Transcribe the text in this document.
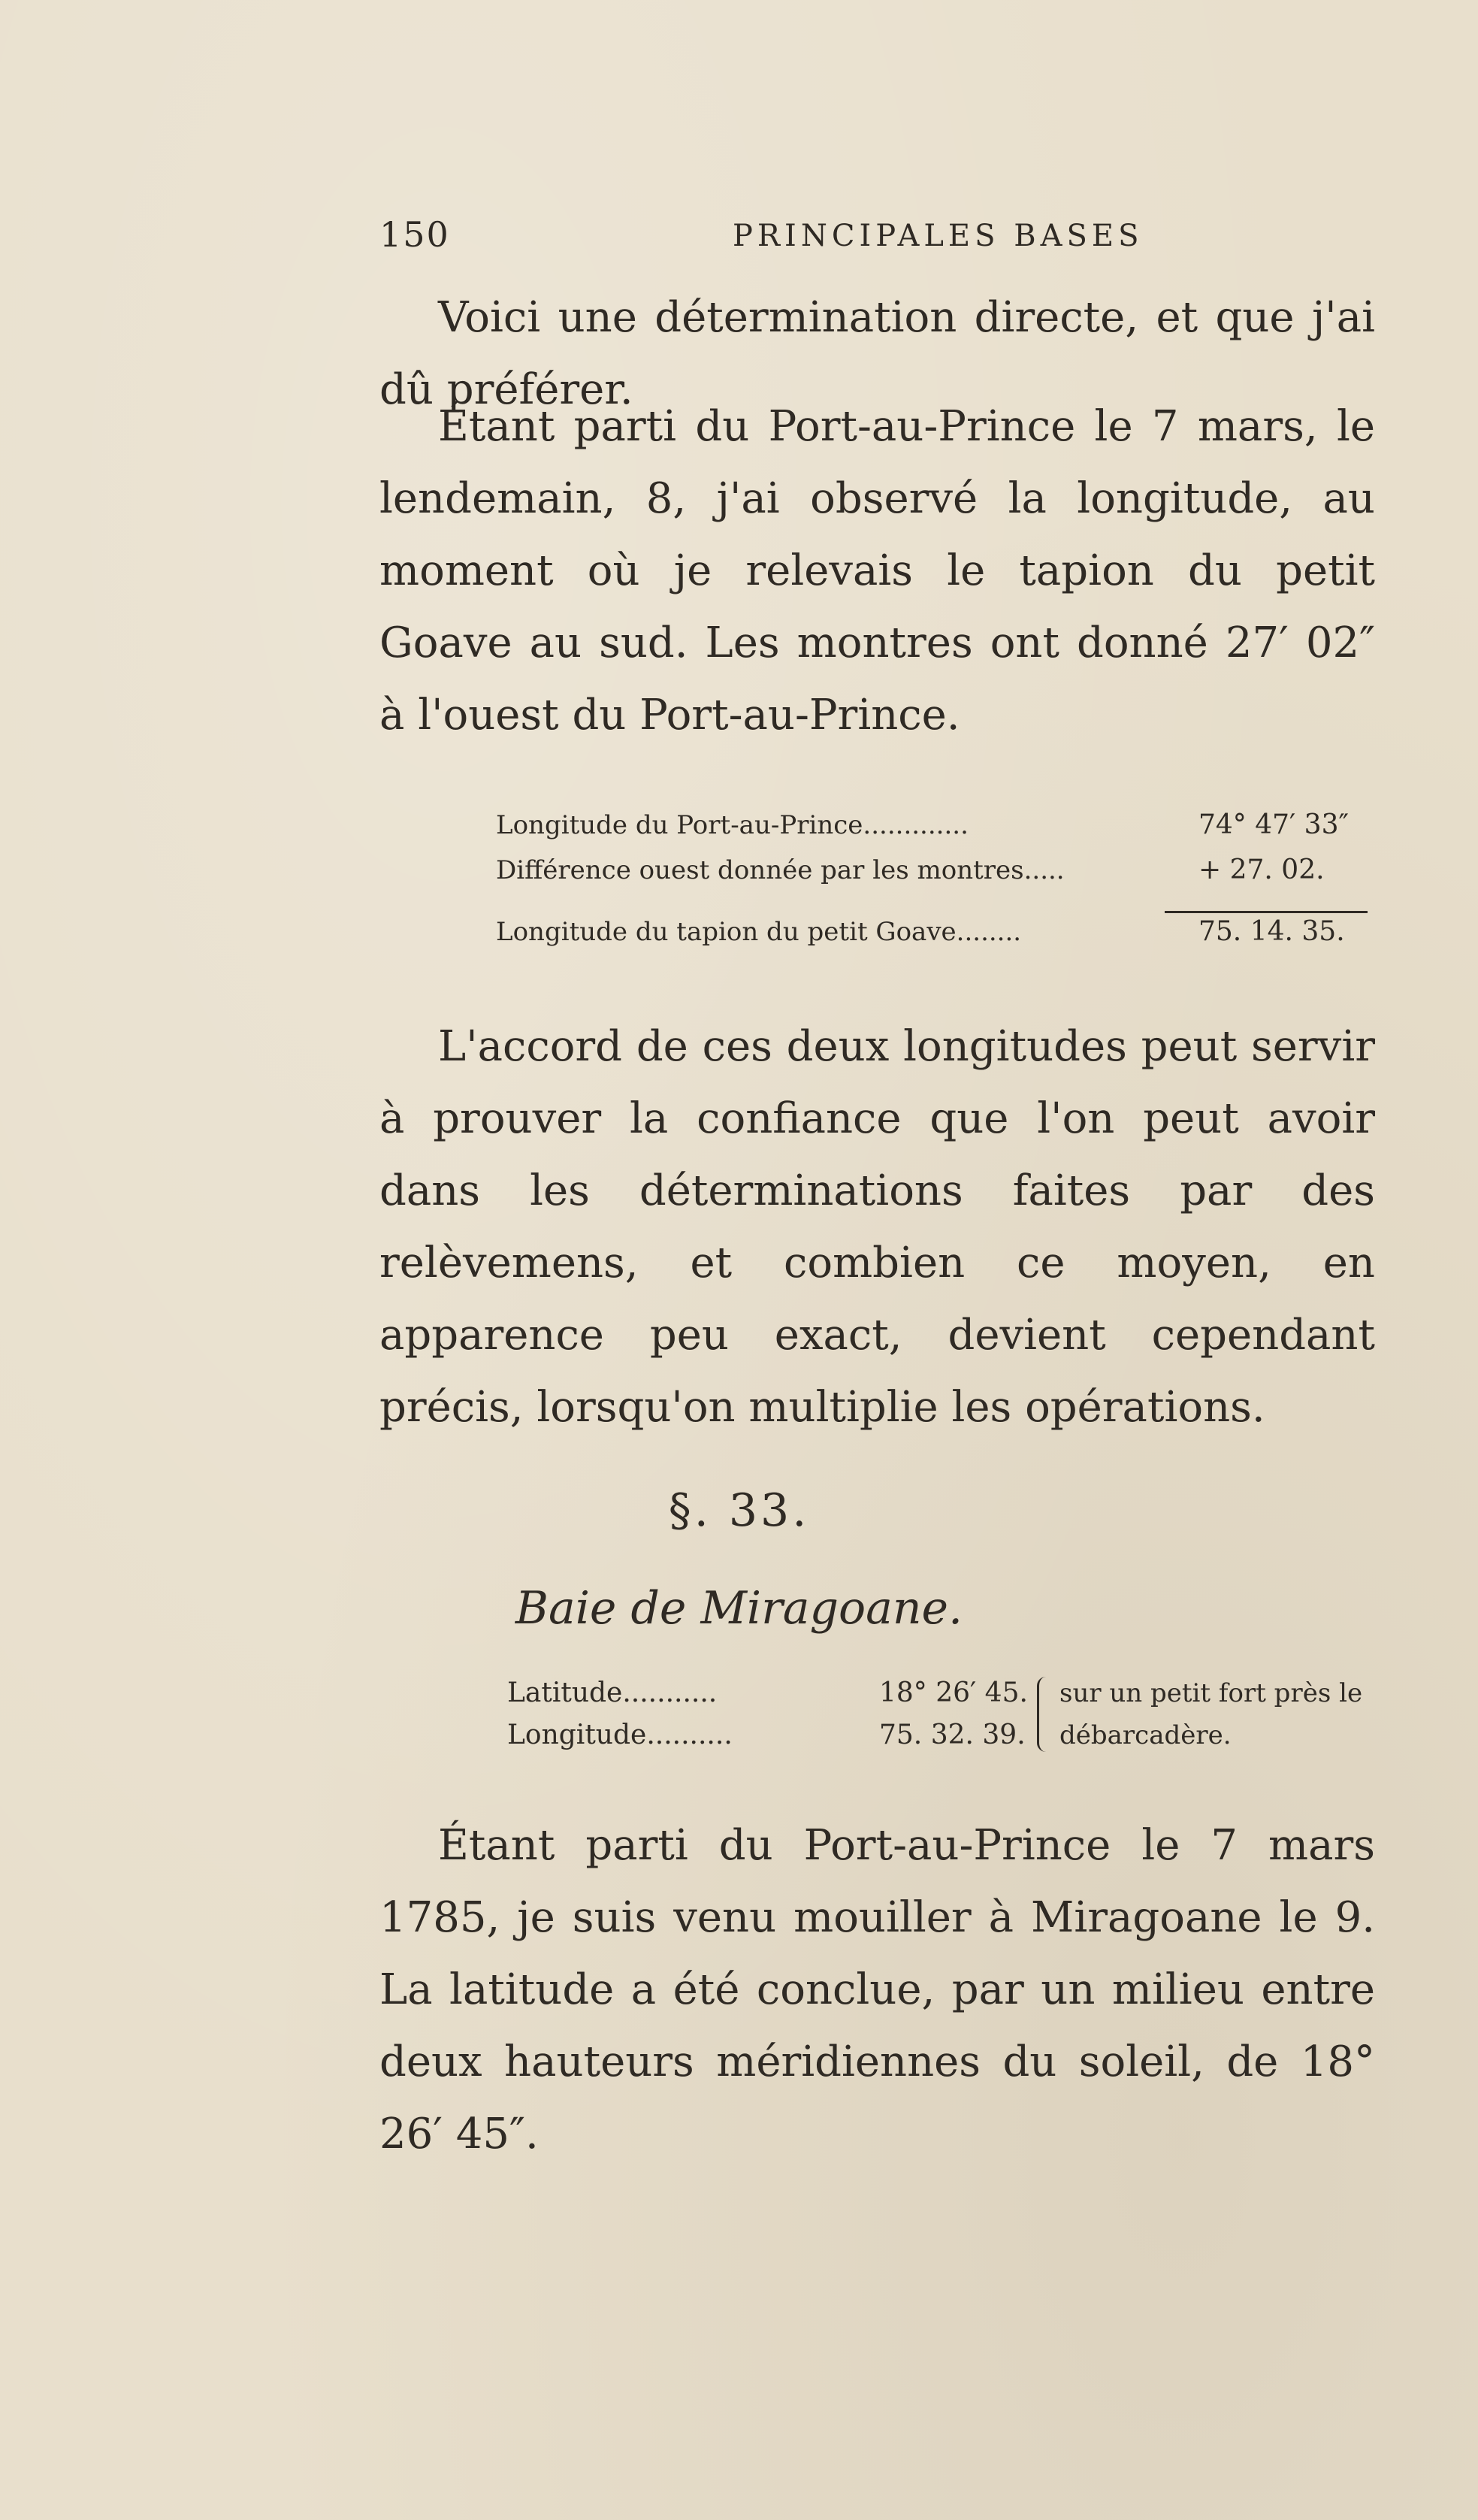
150	PRINCIPALES BASES

Voici une détermination directe, et que j'ai dû préférer.

Étant parti du Port-au-Prince le 7 mars, le lendemain, 8, j'ai observé la longitude, au moment où je relevais le tapion du petit Goave au sud. Les montres ont donné 27′ 02″ à l'ouest du Port-au-Prince.

Longitude du Port-au-Prince.............	74° 47′ 33″
Différence ouest donnée par les montres.....	+ 27. 02.
Longitude du tapion du petit Goave........	75. 14. 35.

L'accord de ces deux longitudes peut servir à prouver la confiance que l'on peut avoir dans les déterminations faites par des relèvemens, et combien ce moyen, en apparence peu exact, devient cependant précis, lorsqu'on multiplie les opérations.

§. 33.
Baie de Miragoane.
Latitude...........	18° 26′ 45.
Longitude..........	75. 32. 39.
sur un petit fort près le débarcadère.

Étant parti du Port-au-Prince le 7 mars 1785, je suis venu mouiller à Miragoane le 9. La latitude a été conclue, par un milieu entre deux hauteurs méridiennes du soleil, de 18° 26′ 45″.
